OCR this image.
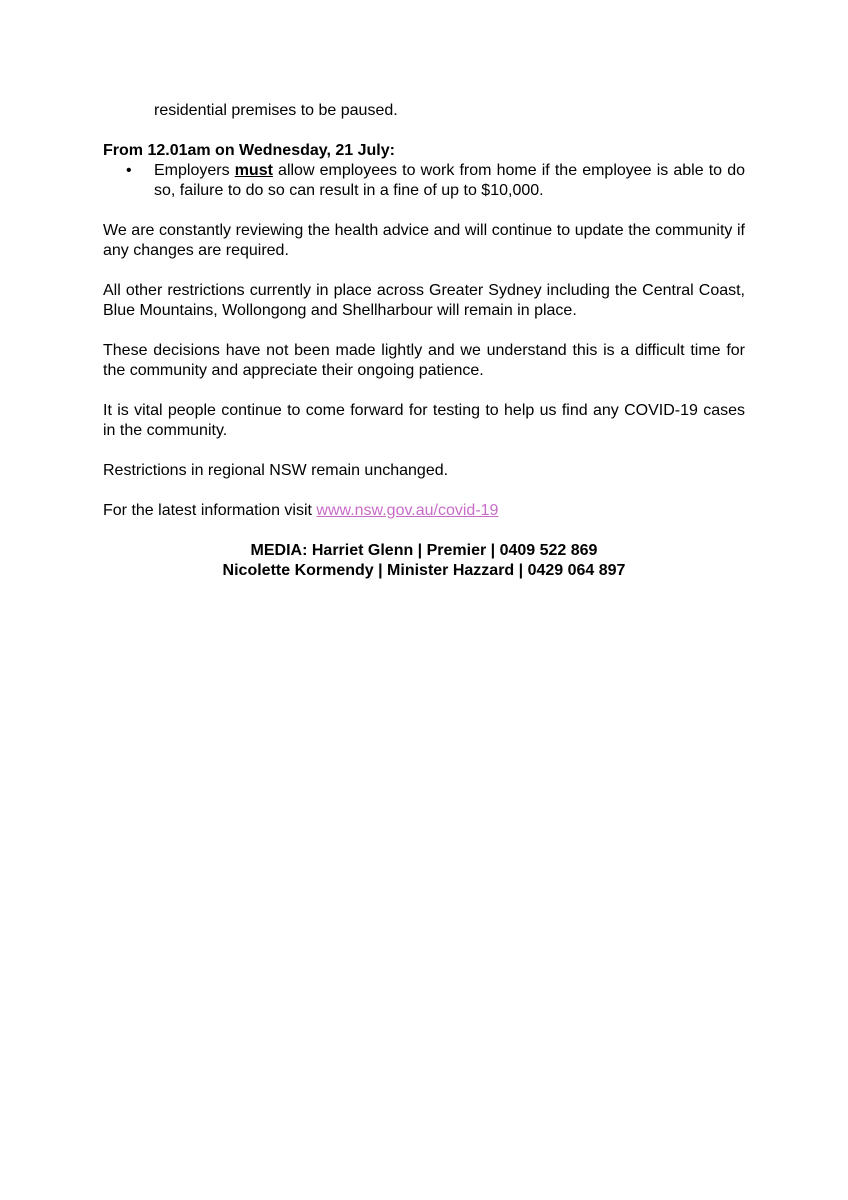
residential premises to be paused.
From 12.01am on Wednesday, 21 July:
• Employers must allow employees to work from home if the employee is able to do so, failure to do so can result in a fine of up to $10,000.

We are constantly reviewing the health advice and will continue to update the community if any changes are required.

All other restrictions currently in place across Greater Sydney including the Central Coast, Blue Mountains, Wollongong and Shellharbour will remain in place.

These decisions have not been made lightly and we understand this is a difficult time for the community and appreciate their ongoing patience.

It is vital people continue to come forward for testing to help us find any COVID-19 cases in the community.

Restrictions in regional NSW remain unchanged.

For the latest information visit www.nsw.gov.au/covid-19

MEDIA: Harriet Glenn | Premier | 0409 522 869
Nicolette Kormendy | Minister Hazzard | 0429 064 897
